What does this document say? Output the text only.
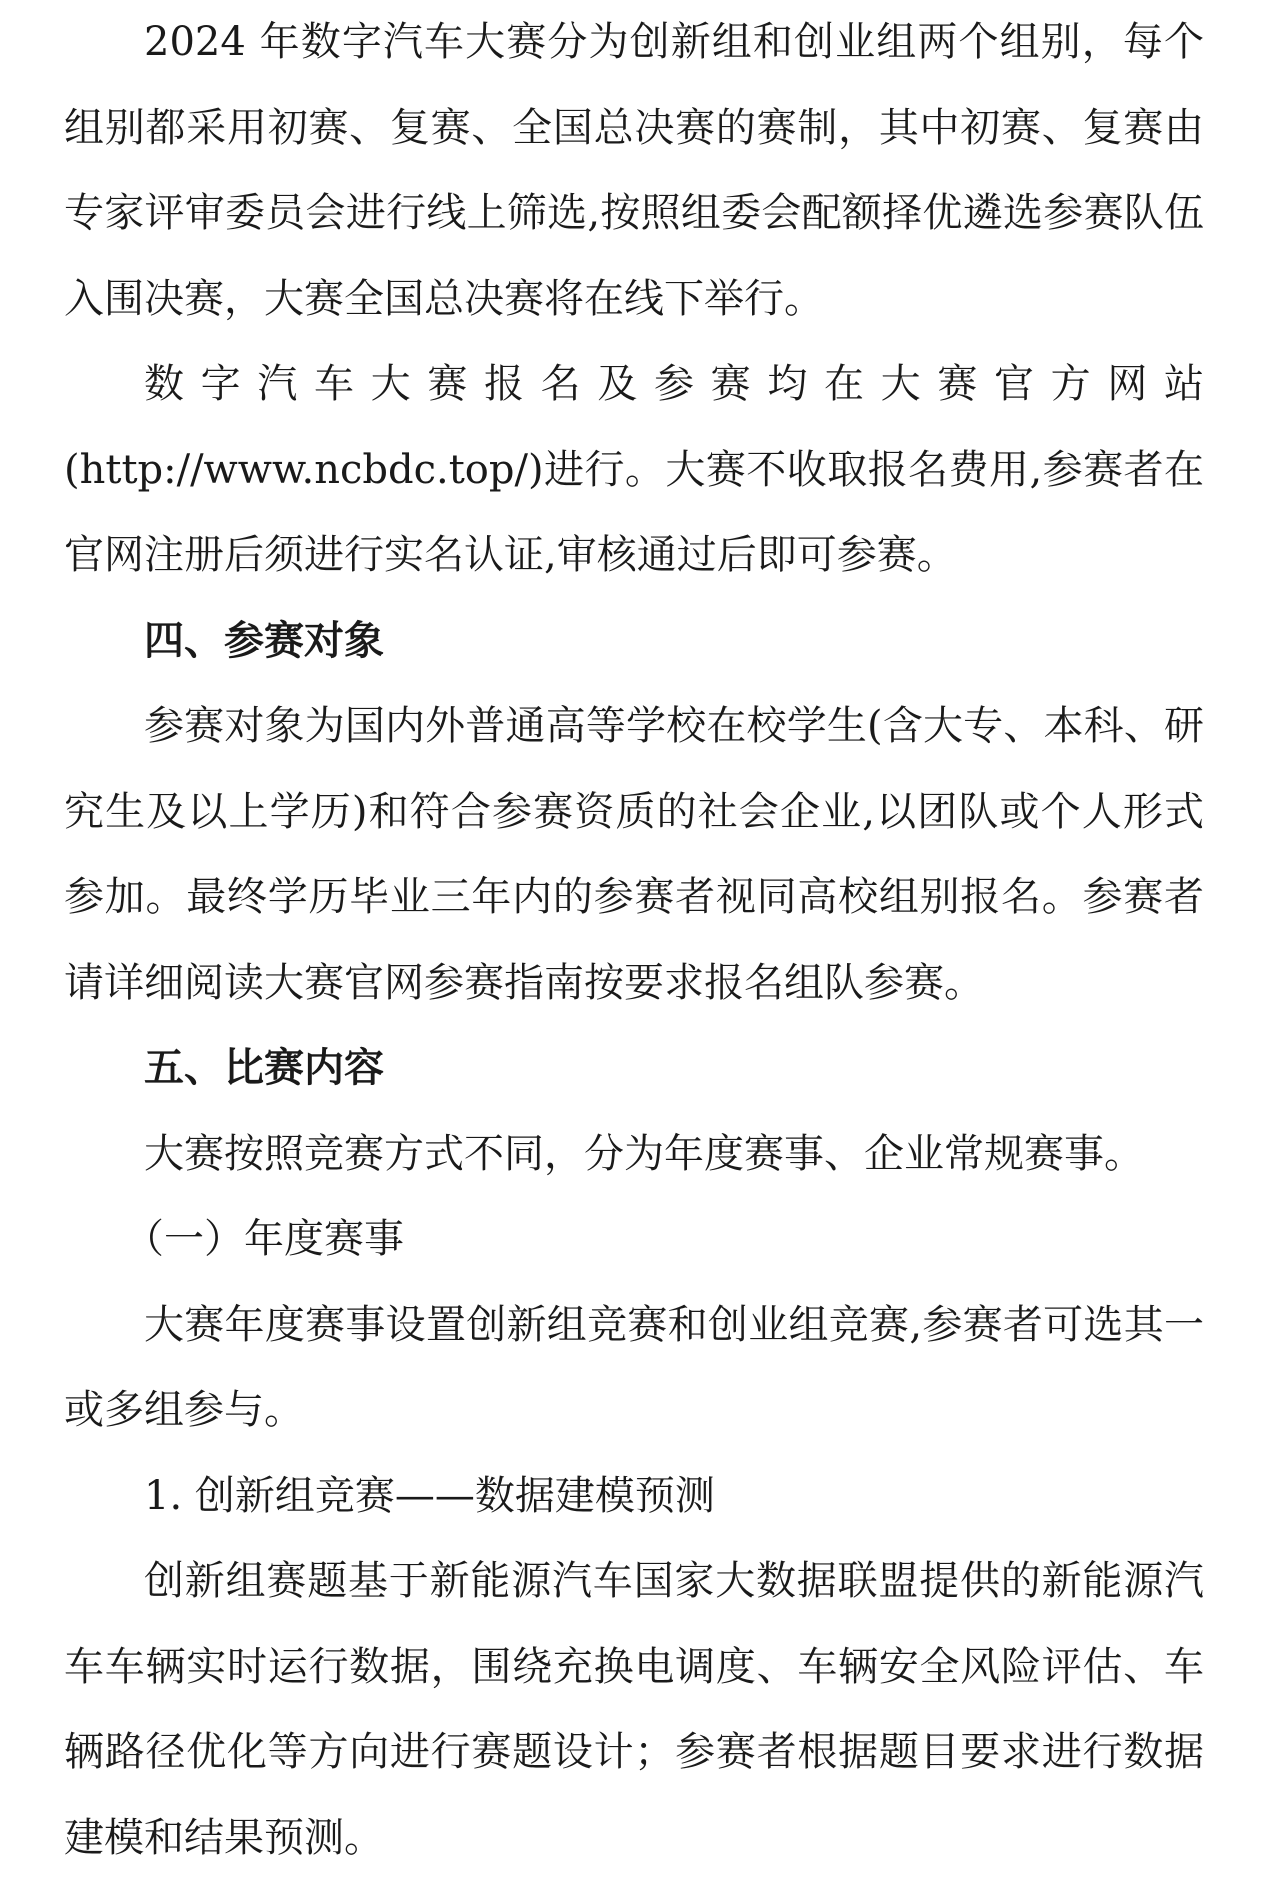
2024 年数字汽车大赛分为创新组和创业组两个组别，每个组别都采用初赛、复赛、全国总决赛的赛制，其中初赛、复赛由专家评审委员会进行线上筛选,按照组委会配额择优遴选参赛队伍入围决赛，大赛全国总决赛将在线下举行。

数字汽车大赛报名及参赛均在大赛官方网站(http://www.ncbdc.top/)进行。大赛不收取报名费用,参赛者在官网注册后须进行实名认证,审核通过后即可参赛。

四、参赛对象

参赛对象为国内外普通高等学校在校学生(含大专、本科、研究生及以上学历)和符合参赛资质的社会企业,以团队或个人形式参加。最终学历毕业三年内的参赛者视同高校组别报名。参赛者请详细阅读大赛官网参赛指南按要求报名组队参赛。

五、比赛内容

大赛按照竞赛方式不同，分为年度赛事、企业常规赛事。

（一）年度赛事

大赛年度赛事设置创新组竞赛和创业组竞赛,参赛者可选其一或多组参与。

1. 创新组竞赛——数据建模预测

创新组赛题基于新能源汽车国家大数据联盟提供的新能源汽车车辆实时运行数据，围绕充换电调度、车辆安全风险评估、车辆路径优化等方向进行赛题设计；参赛者根据题目要求进行数据建模和结果预测。
